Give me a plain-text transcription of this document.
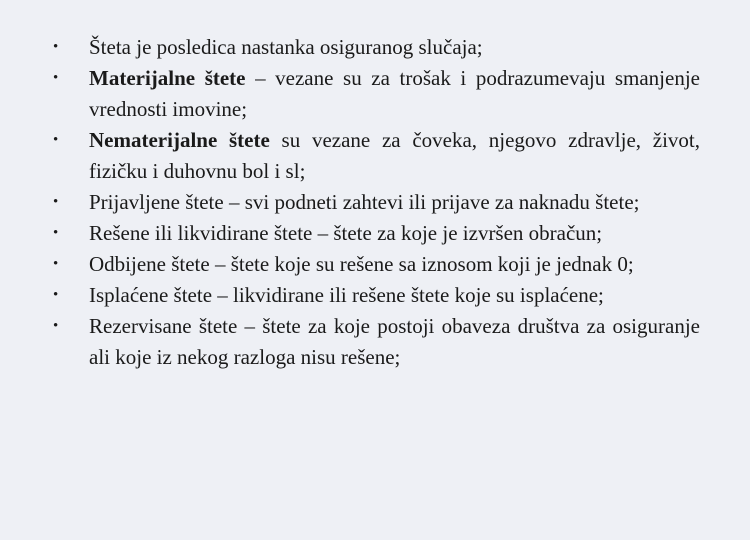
• Šteta je posledica nastanka osiguranog slučaja;
• Materijalne štete – vezane su za trošak i podrazumevaju smanjenje vrednosti imovine;
• Nematerijalne štete su vezane za čoveka, njegovo zdravlje, život, fizičku i duhovnu bol i sl;
• Prijavljene štete – svi podneti zahtevi ili prijave za naknadu štete;
• Rešene ili likvidirane štete – štete za koje je izvršen obračun;
• Odbijene štete – štete koje su rešene sa iznosom koji je jednak 0;
• Isplaćene štete – likvidirane ili rešene štete koje su isplaćene;
• Rezervisane štete – štete za koje postoji obaveza društva za osiguranje ali koje iz nekog razloga nisu rešene;
